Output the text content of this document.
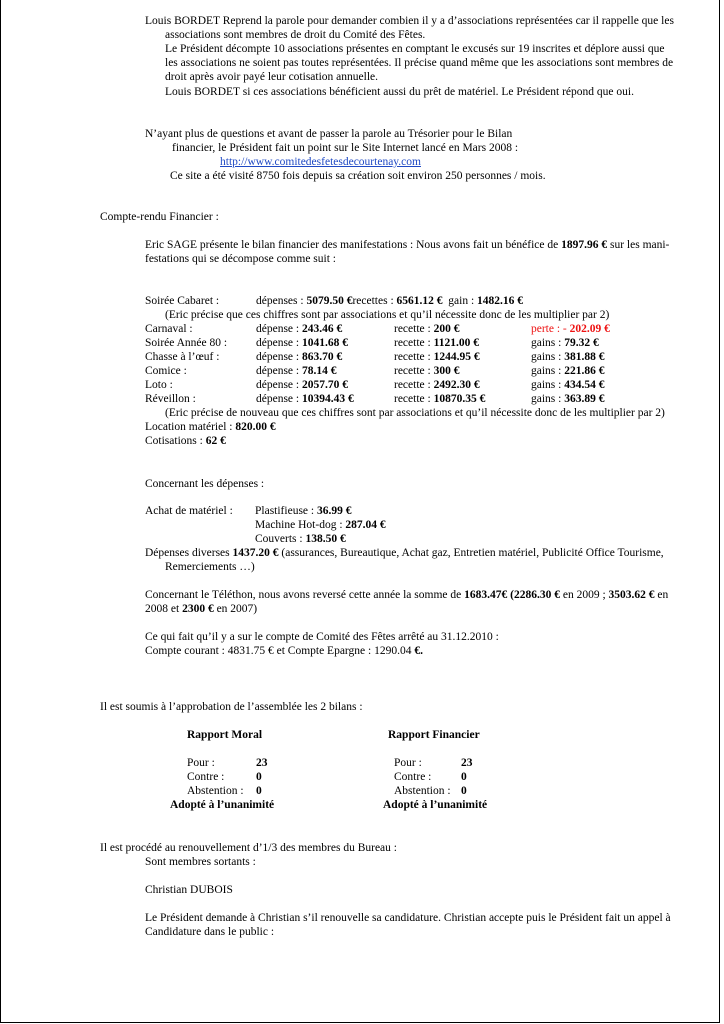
Louis BORDET Reprend la parole pour demander combien il y a d’associations représentées car il rappelle que les
associations sont membres de droit du Comité des Fêtes.
Le Président décompte 10 associations présentes en comptant le excusés sur 19 inscrites et déplore aussi que
les associations ne soient pas toutes représentées. Il précise quand même que les associations sont membres de
droit après avoir payé leur cotisation annuelle.
Louis BORDET si ces associations bénéficient aussi du prêt de matériel. Le Président répond que oui.
N’ayant plus de questions et avant de passer la parole au Trésorier pour le Bilan
financier, le Président fait un point sur le Site Internet lancé en Mars 2008 :
http://www.comitedesfetesdecourtenay.com
Ce site a été visité 8750 fois depuis sa création soit environ 250 personnes / mois.
Compte-rendu Financier :
Eric SAGE présente le bilan financier des manifestations : Nous avons fait un bénéfice de 1897.96 € sur les mani-
festations qui se décompose comme suit :
Soirée Cabaret :	dépenses : 5079.50 €recettes : 6561.12 € gain : 1482.16 €
(Eric précise que ces chiffres sont par associations et qu’il nécessite donc de les multiplier par 2)
Carnaval :	dépense : 243.46 €	recette : 200 €	perte : - 202.09 €
Soirée Année 80 :	dépense : 1041.68 €	recette : 1121.00 €	gains : 79.32 €
Chasse à l’œuf :	dépense : 863.70 €	recette : 1244.95 €	gains : 381.88 €
Comice :	dépense : 78.14 €	recette : 300 €	gains : 221.86 €
Loto :	dépense : 2057.70 €	recette : 2492.30 €	gains : 434.54 €
Réveillon :	dépense : 10394.43 €	recette : 10870.35 €	gains : 363.89 €
(Eric précise de nouveau que ces chiffres sont par associations et qu’il nécessite donc de les multiplier par 2)
Location matériel : 820.00 €
Cotisations : 62 €
Concernant les dépenses :
Achat de matériel : Plastifieuse : 36.99 €
Machine Hot-dog : 287.04 €
Couverts : 138.50 €
Dépenses diverses 1437.20 € (assurances, Bureautique, Achat gaz, Entretien matériel, Publicité Office Tourisme,
Remerciements …)
Concernant le Téléthon, nous avons reversé cette année la somme de 1683.47€ (2286.30 € en 2009 ; 3503.62 € en
2008 et 2300 € en 2007)
Ce qui fait qu’il y a sur le compte de Comité des Fêtes arrêté au 31.12.2010 :
Compte courant : 4831.75 € et Compte Epargne : 1290.04 €.
Il est soumis à l’approbation de l’assemblée les 2 bilans :
Rapport Moral
Pour :	23
Contre :	0
Abstention : 0
Adopté à l’unanimité
Rapport Financier
Pour :	23
Contre :	0
Abstention : 0
Adopté à l’unanimité
Il est procédé au renouvellement d’1/3 des membres du Bureau :
Sont membres sortants :
Christian DUBOIS
Le Président demande à Christian s’il renouvelle sa candidature. Christian accepte puis le Président fait un appel à
Candidature dans le public :
